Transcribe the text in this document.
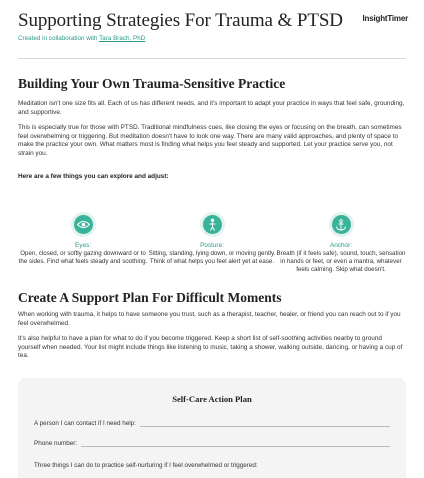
Supporting Strategies For Trauma & PTSD
Created in collaboration with Tara Brach, PhD
InsightTimer
Building Your Own Trauma-Sensitive Practice

Meditation isn't one size fits all. Each of us has different needs, and it's important to adapt your practice in ways that feel safe, grounding, and supportive.

This is especially true for those with PTSD. Traditional mindfulness cues, like closing the eyes or focusing on the breath, can sometimes feel overwhelming or triggering. But meditation doesn't have to look one way. There are many valid approaches, and plenty of space to make the practice your own. What matters most is finding what helps you feel steady and supported. Let your practice serve you, not strain you.

Here are a few things you can explore and adjust:

Eyes:
Open, closed, or softly gazing downward or to the sides. Find what feels steady and soothing.
Posture:
Sitting, standing, lying down, or moving gently. Think of what helps you feel alert yet at ease.
Anchor:
Breath (if it feels safe), sound, touch, sensation in hands or feet, or even a mantra, whatever feels calming. Skip what doesn't.
Create A Support Plan For Difficult Moments

When working with trauma, it helps to have someone you trust, such as a therapist, teacher, healer, or friend you can reach out to if you feel overwhelmed.

It's also helpful to have a plan for what to do if you become triggered. Keep a short list of self-soothing activities nearby to ground yourself when needed. Your list might include things like listening to music, taking a shower, walking outside, dancing, or having a cup of tea.

Self-Care Action Plan
A person I can contact if I need help:
Phone number:
Three things I can do to practice self-nurturing if I feel overwhelmed or triggered:
